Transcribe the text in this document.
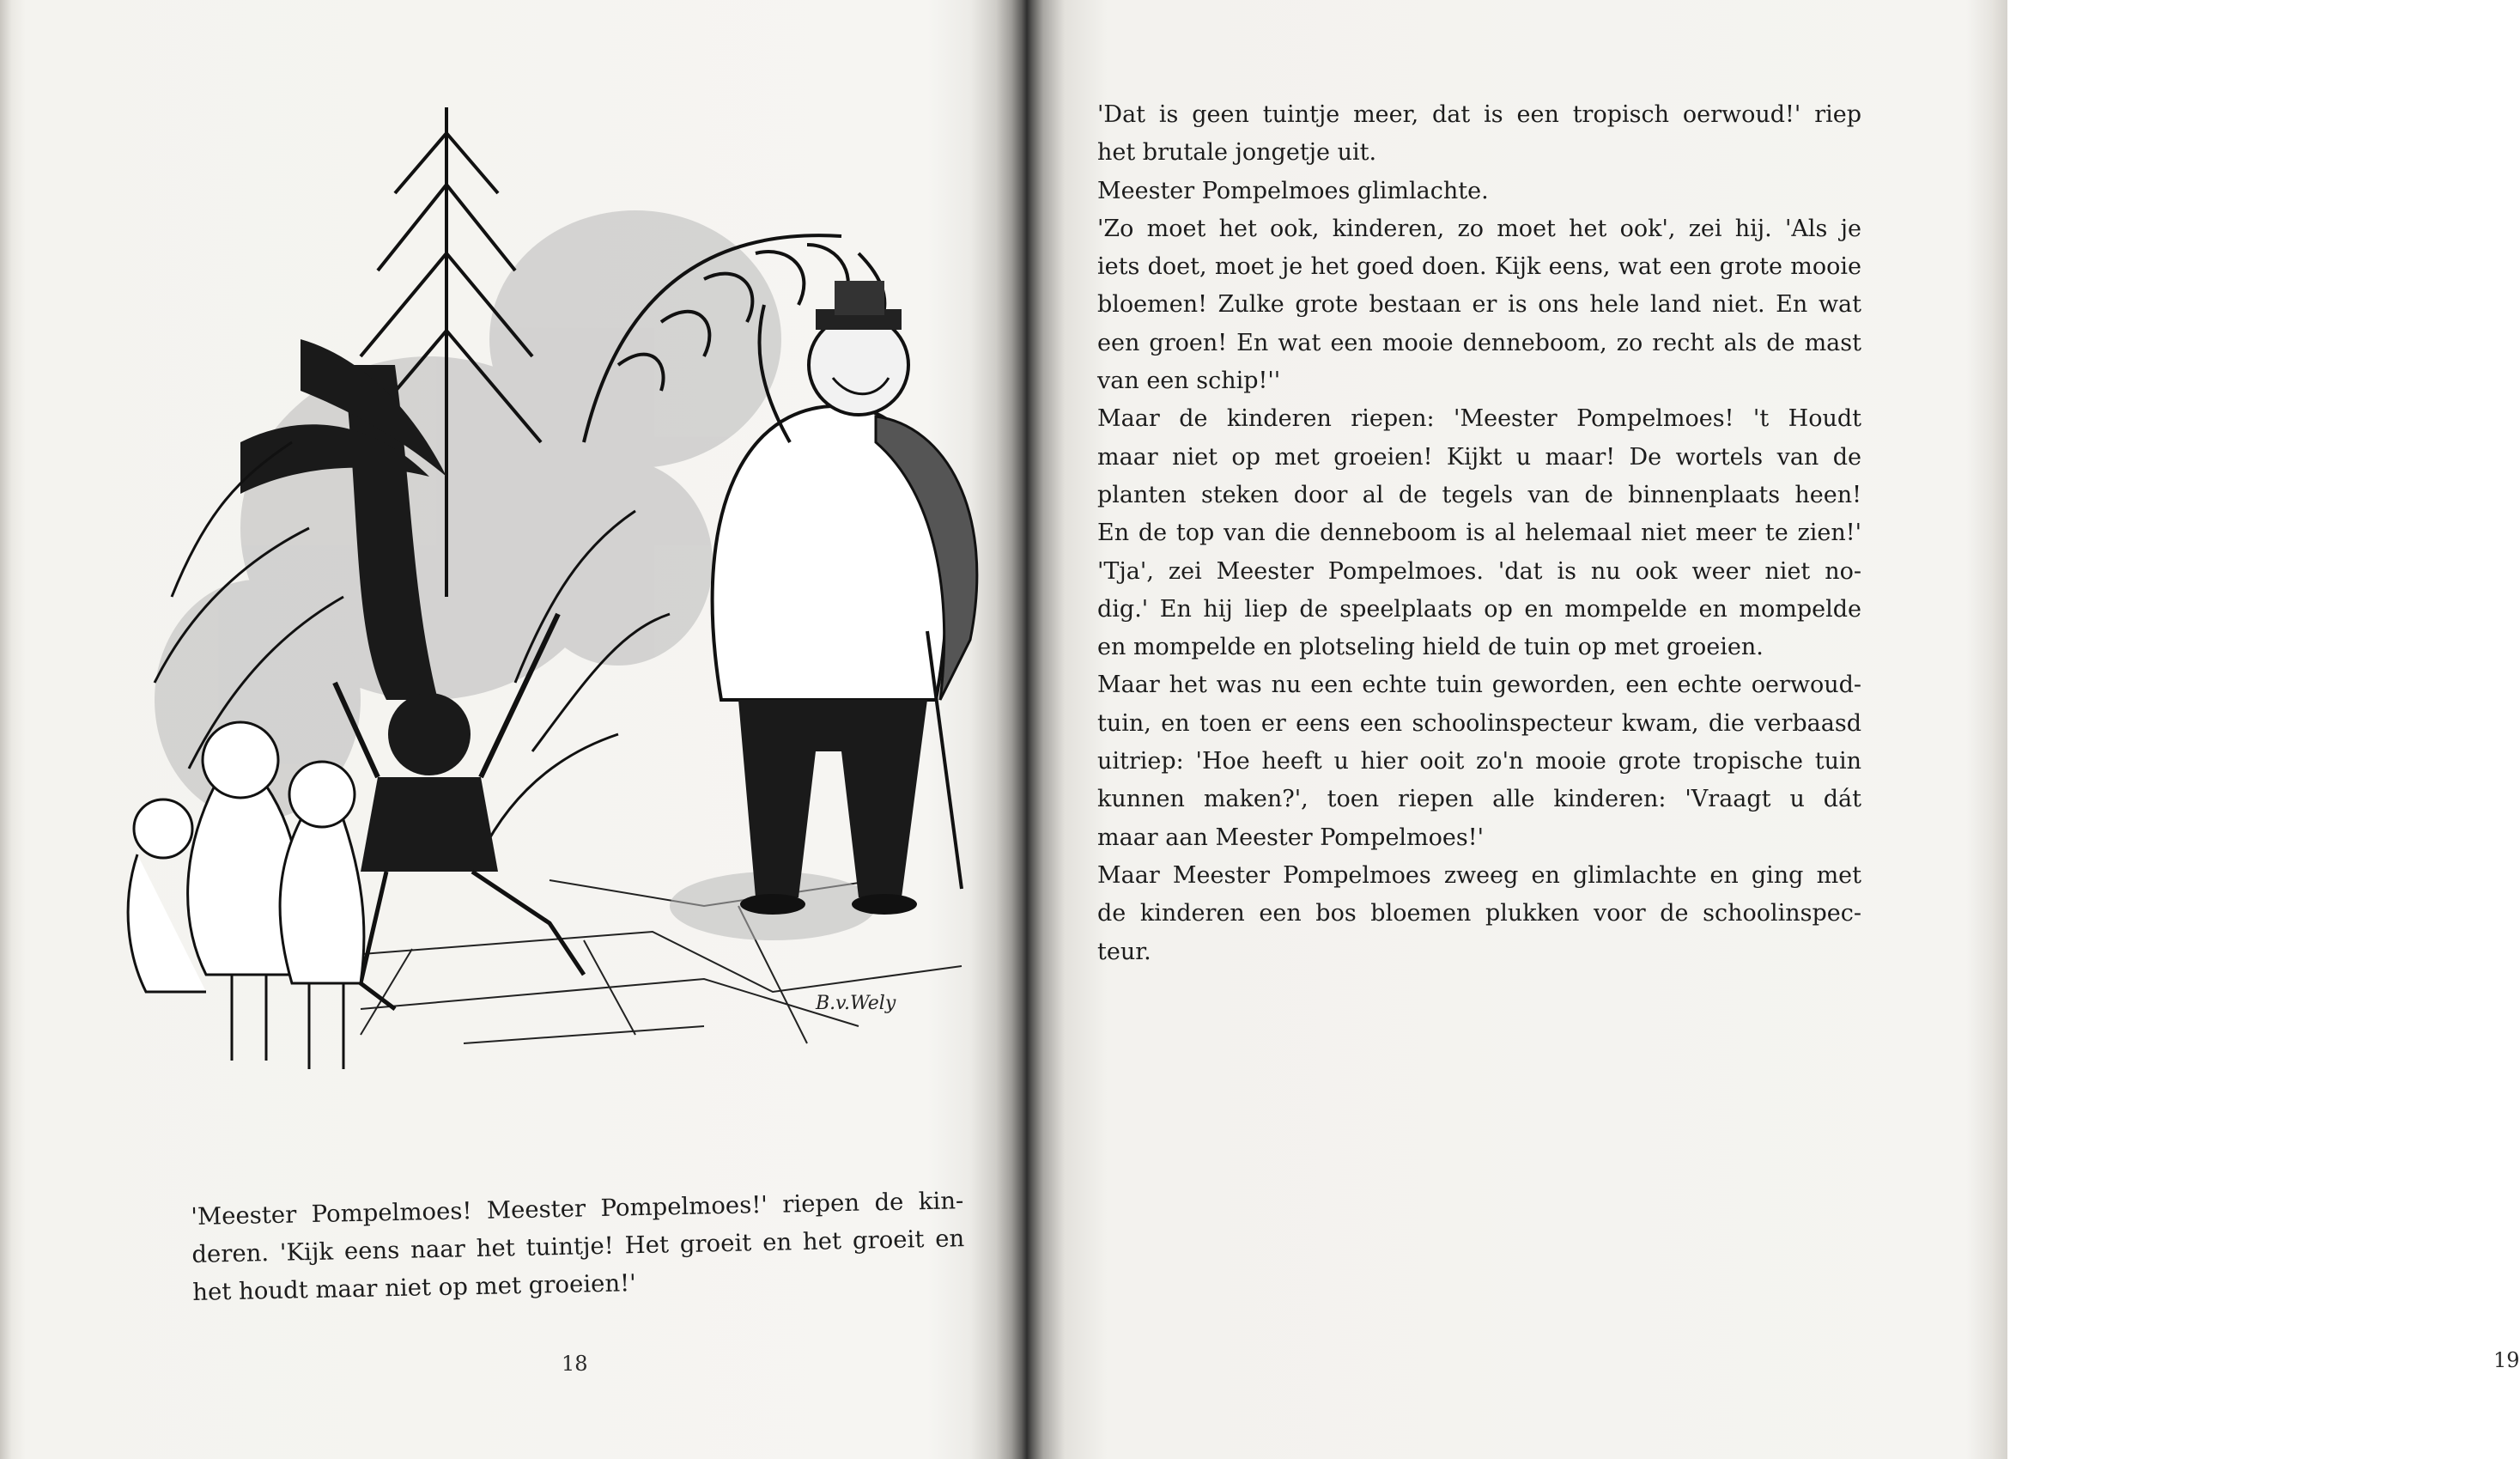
B.v.Wely

'Meester Pompelmoes! Meester Pompelmoes!' riepen de kin-
deren. 'Kijk eens naar het tuintje! Het groeit en het groeit en
het houdt maar niet op met groeien!'

18	19
'Dat is geen tuintje meer, dat is een tropisch oerwoud!' riep
het brutale jongetje uit.
Meester Pompelmoes glimlachte.
'Zo moet het ook, kinderen, zo moet het ook', zei hij. 'Als je
iets doet, moet je het goed doen. Kijk eens, wat een grote mooie
bloemen! Zulke grote bestaan er is ons hele land niet. En wat
een groen! En wat een mooie denneboom, zo recht als de mast
van een schip!''
Maar de kinderen riepen: 'Meester Pompelmoes! 't Houdt
maar niet op met groeien! Kijkt u maar! De wortels van de
planten steken door al de tegels van de binnenplaats heen!
En de top van die denneboom is al helemaal niet meer te zien!'
'Tja', zei Meester Pompelmoes. 'dat is nu ook weer niet no-
dig.' En hij liep de speelplaats op en mompelde en mompelde
en mompelde en plotseling hield de tuin op met groeien.
Maar het was nu een echte tuin geworden, een echte oerwoud-
tuin, en toen er eens een schoolinspecteur kwam, die verbaasd
uitriep: 'Hoe heeft u hier ooit zo'n mooie grote tropische tuin
kunnen maken?', toen riepen alle kinderen: 'Vraagt u dát
maar aan Meester Pompelmoes!'
Maar Meester Pompelmoes zweeg en glimlachte en ging met
de kinderen een bos bloemen plukken voor de schoolinspec-
teur.
